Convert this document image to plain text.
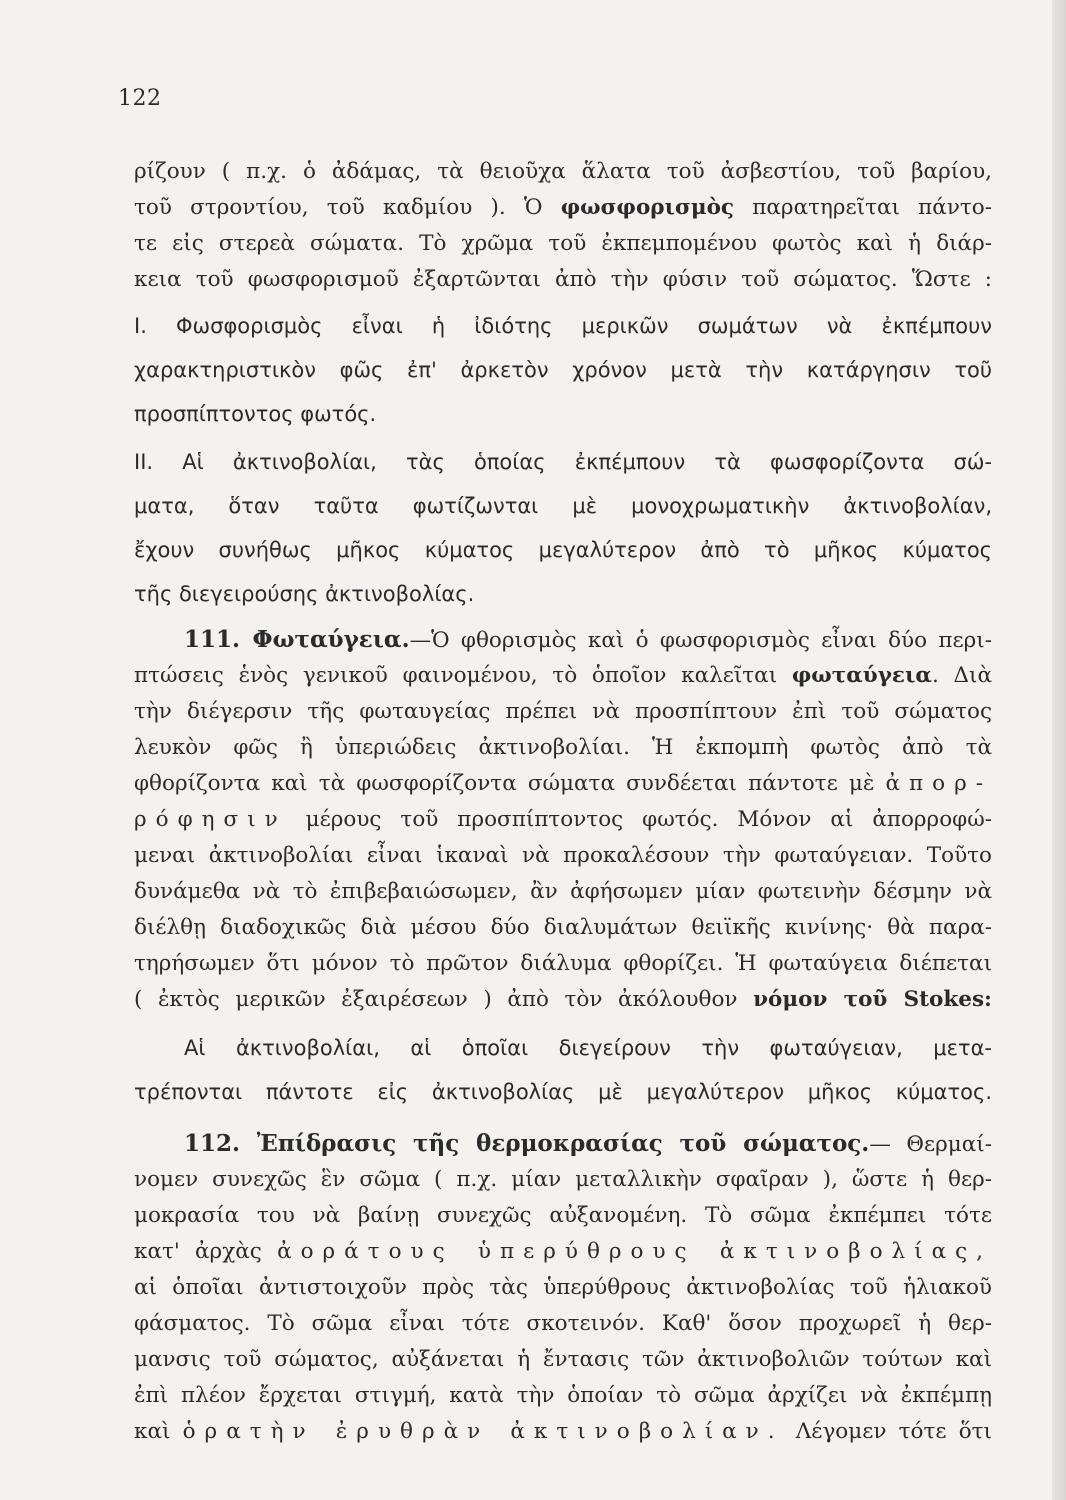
122
ρίζουν ( π.χ. ὁ ἀδάμας, τὰ θειοῦχα ἅλατα τοῦ ἀσβεστίου, τοῦ βαρίου,
τοῦ στροντίου, τοῦ καδμίου ). Ὁ φωσφορισμὸς παρατηρεῖται πάντο-
τε εἰς στερεὰ σώματα. Τὸ χρῶμα τοῦ ἐκπεμπομένου φωτὸς καὶ ἡ διάρ-
κεια τοῦ φωσφορισμοῦ ἐξαρτῶνται ἀπὸ τὴν φύσιν τοῦ σώματος. Ὥστε :
I. Φωσφορισμὸς εἶναι ἡ ἰδιότης μερικῶν σωμάτων νὰ ἐκπέμπουν
χαρακτηριστικὸν φῶς ἐπ' ἀρκετὸν χρόνον μετὰ τὴν κατάργησιν τοῦ
προσπίπτοντος φωτός.
II. Αἱ ἀκτινοβολίαι, τὰς ὁποίας ἐκπέμπουν τὰ φωσφορίζοντα σώ-
ματα, ὅταν ταῦτα φωτίζωνται μὲ μονοχρωματικὴν ἀκτινοβολίαν,
ἔχουν συνήθως μῆκος κύματος μεγαλύτερον ἀπὸ τὸ μῆκος κύματος
τῆς διεγειρούσης ἀκτινοβολίας.
111. Φωταύγεια.—Ὁ φθορισμὸς καὶ ὁ φωσφορισμὸς εἶναι δύο περι-
πτώσεις ἑνὸς γενικοῦ φαινομένου, τὸ ὁποῖον καλεῖται φωταύγεια. Διὰ
τὴν διέγερσιν τῆς φωταυγείας πρέπει νὰ προσπίπτουν ἐπὶ τοῦ σώματος
λευκὸν φῶς ἢ ὑπεριώδεις ἀκτινοβολίαι. Ἡ ἐκπομπὴ φωτὸς ἀπὸ τὰ
φθορίζοντα καὶ τὰ φωσφορίζοντα σώματα συνδέεται πάντοτε μὲ ἀπορ-
ρόφησιν μέρους τοῦ προσπίπτοντος φωτός. Μόνον αἱ ἀπορροφώ-
μεναι ἀκτινοβολίαι εἶναι ἱκαναὶ νὰ προκαλέσουν τὴν φωταύγειαν. Τοῦτο
δυνάμεθα νὰ τὸ ἐπιβεβαιώσωμεν, ἂν ἀφήσωμεν μίαν φωτεινὴν δέσμην νὰ
διέλθῃ διαδοχικῶς διὰ μέσου δύο διαλυμάτων θειϊκῆς κινίνης· θὰ παρα-
τηρήσωμεν ὅτι μόνον τὸ πρῶτον διάλυμα φθορίζει. Ἡ φωταύγεια διέπεται
( ἐκτὸς μερικῶν ἐξαιρέσεων ) ἀπὸ τὸν ἀκόλουθον νόμον τοῦ Stokes:
Αἱ ἀκτινοβολίαι, αἱ ὁποῖαι διεγείρουν τὴν φωταύγειαν, μετα-
τρέπονται πάντοτε εἰς ἀκτινοβολίας μὲ μεγαλύτερον μῆκος κύματος.
112. Ἐπίδρασις τῆς θερμοκρασίας τοῦ σώματος.— Θερμαί-
νομεν συνεχῶς ἓν σῶμα ( π.χ. μίαν μεταλλικὴν σφαῖραν ), ὥστε ἡ θερ-
μοκρασία του νὰ βαίνῃ συνεχῶς αὐξανομένη. Τὸ σῶμα ἐκπέμπει τότε
κατ' ἀρχὰς ἀοράτους ὑπερύθρους ἀκτινοβολίας,
αἱ ὁποῖαι ἀντιστοιχοῦν πρὸς τὰς ὑπερύθρους ἀκτινοβολίας τοῦ ἡλιακοῦ
φάσματος. Τὸ σῶμα εἶναι τότε σκοτεινόν. Καθ' ὅσον προχωρεῖ ἡ θερ-
μανσις τοῦ σώματος, αὐξάνεται ἡ ἔντασις τῶν ἀκτινοβολιῶν τούτων καὶ
ἐπὶ πλέον ἔρχεται στιγμή, κατὰ τὴν ὁποίαν τὸ σῶμα ἀρχίζει νὰ ἐκπέμπῃ
καὶ ὁρατὴν ἐρυθρὰν ἀκτινοβολίαν. Λέγομεν τότε ὅτι
